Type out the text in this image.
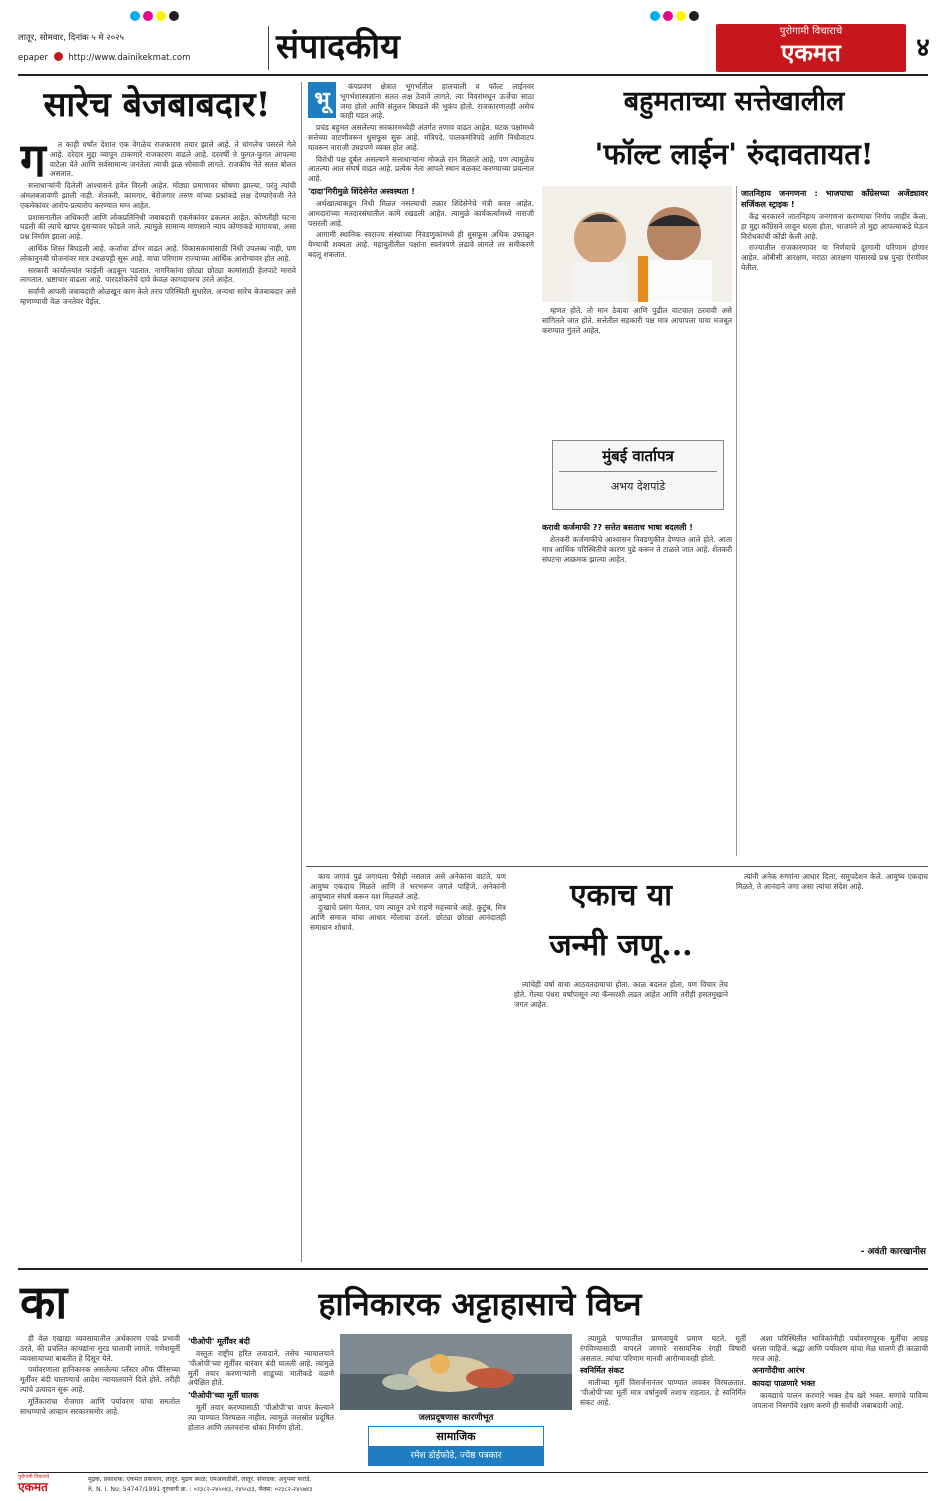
लातूर, सोमवार, दिनांक ५ मे २०२५
epaper http://www.dainikekmat.com	संपादकीय	पुरोगामी विचाराचे
एकमत	४
सारेच बेजबाबदार!
ग	त काही वर्षांत देशात एक वेगळेच राजकारण तयार झाले आहे. ते चांगलेच पसरले गेले आहे. दरेदार मुद्दा व्यापून टाकणारे राजकारण वाढले आहे. दरवर्षी ते फुगत-फुगत आपल्या वाटेला येते आणि सर्वसामान्य जनतेला त्याची झळ सोसावी लागते. राजकीय नेते सतत बोलत असतात.

सत्ताधाऱ्यांनी दिलेली आश्वासने हवेत विरली आहेत. मोठ्या प्रमाणावर घोषणा झाल्या, परंतु त्यांची अंमलबजावणी झाली नाही. शेतकरी, कामगार, बेरोजगार तरुण यांच्या प्रश्नांकडे लक्ष देण्याऐवजी नेते एकमेकांवर आरोप-प्रत्यारोप करण्यात मग्न आहेत.

प्रशासनातील अधिकारी आणि लोकप्रतिनिधी जबाबदारी एकमेकांवर ढकलत आहेत. कोणतीही घटना घडली की त्याचे खापर दुसऱ्यावर फोडले जाते. त्यामुळे सामान्य माणसाने न्याय कोणाकडे मागायचा, असा प्रश्न निर्माण झाला आहे.

आर्थिक शिस्त बिघडली आहे. कर्जाचा डोंगर वाढत आहे. विकासकामांसाठी निधी उपलब्ध नाही, पण लोकानुनयी योजनांवर मात्र उधळपट्टी सुरू आहे. याचा परिणाम राज्याच्या आर्थिक आरोग्यावर होत आहे.

सरकारी कार्यालयांत फाईली अडकून पडतात. नागरिकांना छोट्या छोट्या कामांसाठी हेलपाटे मारावे लागतात. भ्रष्टाचार वाढला आहे. पारदर्शकतेचे दावे केवळ कागदावरच उरले आहेत.

सर्वांनी आपली जबाबदारी ओळखून काम केले तरच परिस्थिती सुधारेल. अन्यथा सारेच बेजबाबदार असे म्हणण्याची वेळ जनतेवर येईल.

भू

कंपप्रवण क्षेत्रात भूगर्भातील हालचाली व फॉल्ट लाईनवर भूगर्भशास्त्रज्ञांना सतत लक्ष ठेवावे लागते. त्या विवरांमधून ऊर्जेचा साठा जमा होतो आणि संतुलन बिघडले की भूकंप होतो. राजकारणातही असेच काही घडत आहे.

प्रचंड बहुमत असलेल्या सरकारमध्येही अंतर्गत तणाव वाढत आहेत. घटक पक्षांमध्ये सत्तेच्या वाटणीवरून धुसफूस सुरू आहे. मंत्रिपदे, पालकमंत्रिपदे आणि निधीवाटप यावरून नाराजी उघडपणे व्यक्त होत आहे.

विरोधी पक्ष दुर्बल असल्याने सत्ताधाऱ्यांना मोकळे रान मिळाले आहे, पण त्यामुळेच आतल्या आत संघर्ष वाढत आहे. प्रत्येक नेता आपले स्थान बळकट करण्याच्या प्रयत्नात आहे.

'दादा'गिरीमुळे शिंदेसेनेत अस्वस्थता !

अर्थखात्याकडून निधी मिळत नसल्याची तक्रार शिंदेसेनेचे मंत्री करत आहेत. आमदारांच्या मतदारसंघातील कामे रखडली आहेत. त्यामुळे कार्यकर्त्यांमध्ये नाराजी पसरली आहे.

आगामी स्थानिक स्वराज्य संस्थांच्या निवडणुकांमध्ये ही धुसफूस अधिक उफाळून येण्याची शक्यता आहे. महायुतीतील पक्षांना स्वतंत्रपणे लढावे लागले तर समीकरणे बदलू शकतात.

बहुमताच्या सत्तेखालील
'फॉल्ट लाईन' रुंदावतायत!

म्हणत होते. तो मान ठेवावा आणि पुढील वाटचाल ठरवावी असे सांगितले जात होते. सत्तेतील सहकारी पक्ष मात्र आपापला पाया मजबूत करण्यात गुंतले आहेत.

मुंबई वार्तापत्र
अभय देशपांडे
करावी कर्जमाफी ?? सत्तेत बसताच भाषा बदलली !

शेतकरी कर्जमाफीचे आश्वासन निवडणुकीत देण्यात आले होते. आता मात्र आर्थिक परिस्थितीचे कारण पुढे करून ते टाळले जात आहे. शेतकरी संघटना आक्रमक झाल्या आहेत.

जातनिहाय जनगणना : भाजपाचा काँग्रेसच्या अजेंड्यावर सर्जिकल स्ट्राइक !

केंद्र सरकारने जातनिहाय जनगणना करण्याचा निर्णय जाहीर केला. हा मुद्दा काँग्रेसने लावून धरला होता. भाजपने तो मुद्दा आपल्याकडे घेऊन विरोधकांची कोंडी केली आहे.

राज्यातील राजकारणावर या निर्णयाचे दूरगामी परिणाम होणार आहेत. ओबीसी आरक्षण, मराठा आरक्षण यांसारखे प्रश्न पुन्हा ऐरणीवर येतील.

काय जगावं पुढं जगायला पैसेही नसतात असे अनेकांना वाटते. पण आयुष्य एकदाच मिळते आणि ते भरभरून जगले पाहिजे. अनेकांनी आयुष्यात संघर्ष करून यश मिळवले आहे.

दुःखाचे प्रसंग येतात, पण त्यातून उभे राहणे महत्त्वाचे आहे. कुटुंब, मित्र आणि समाज यांचा आधार मोलाचा ठरतो. छोट्या छोट्या आनंदातही समाधान शोधावे.

एकाच या
जन्मी जणू...

त्यांचेही वर्षा वाचा आठवतदायाचा होता. काळ बदलत होता, पण विचार तेच होते. गेल्या पंधरा वर्षांपासून त्या कॅन्सरशी लढत आहेत आणि तरीही हसतमुखाने जगत आहेत.

त्यांनी अनेक रुग्णांना आधार दिला, समुपदेशन केले. आयुष्य एकदाच मिळते, ते आनंदाने जगा असा त्यांचा संदेश आहे.

- अवंती कारखानीस
का	हानिकारक अट्टाहासाचे विघ्न

ही वेळ एखाद्या व्यवसायातील अर्थकारण एवढे प्रभावी ठरते, की प्रचलित कायद्यांना मुरड घालावी लागते. गणेशमूर्ती व्यवसायाच्या बाबतीत हे दिसून येते.

पर्यावरणाला हानिकारक असलेल्या प्लॅस्टर ऑफ पॅरिसच्या मूर्तींवर बंदी घालण्याचे आदेश न्यायालयाने दिले होते. तरीही त्यांचे उत्पादन सुरू आहे.

मूर्तिकारांचा रोजगार आणि पर्यावरण यांचा समतोल साधण्याचे आव्हान सरकारसमोर आहे.

'पीओपी' मूर्तींवर बंदी

वस्तुतः राष्ट्रीय हरित लवादाने, तसेच न्यायालयाने 'पीओपी'च्या मूर्तींवर वारंवार बंदी घातली आहे. त्यामुळे मूर्ती तयार करणाऱ्यांनी शाडूच्या मातीकडे वळणे अपेक्षित होते.

'पीओपी'च्या मूर्ती घातक

मूर्ती तयार करण्यासाठी 'पीओपी'चा वापर केल्याने त्या पाण्यात विरघळत नाहीत. त्यामुळे जलस्रोत प्रदूषित होतात आणि जलचरांना धोका निर्माण होतो.

जलप्रदूषणास कारणीभूत
सामाजिक
रमेश डोईफोडे, ज्येष्ठ पत्रकार

त्यामुळे पाण्यातील प्राणवायूचे प्रमाण घटते. मूर्ती रंगविण्यासाठी वापरले जाणारे रासायनिक रंगही विषारी असतात. त्यांचा परिणाम मानवी आरोग्यावरही होतो.

स्वनिर्मित संकट

मातीच्या मूर्ती विसर्जनानंतर पाण्यात लवकर विरघळतात. 'पीओपी'च्या मूर्ती मात्र वर्षानुवर्षे तशाच राहतात. हे स्वनिर्मित संकट आहे.

अशा परिस्थितीत भाविकांनीही पर्यावरणपूरक मूर्तींचा आग्रह धरला पाहिजे. श्रद्धा आणि पर्यावरण यांचा मेळ घालणे ही काळाची गरज आहे.

अनागोंदीचा आरंभ
कायदा पाळणारे भक्त

कायद्याचे पालन करणारे भक्त हेच खरे भक्त. सणांचे पावित्र्य जपताना निसर्गाचे रक्षण करणे ही सर्वांची जबाबदारी आहे.

पुरोगामी विचाराचे
एकमत
मुद्रक, प्रकाशक: एकमत प्रकाशन, लातूर. मुद्रण स्थळ: एमआयडीसी, लातूर. संपादक: अनुपमा फरांडे.
R. N. I. No: 54747/1991 दूरध्वनी क्र. : ०२३८२-२४५०४३, २४५५३३, फॅक्स: ०२३८२-२४५७४३
